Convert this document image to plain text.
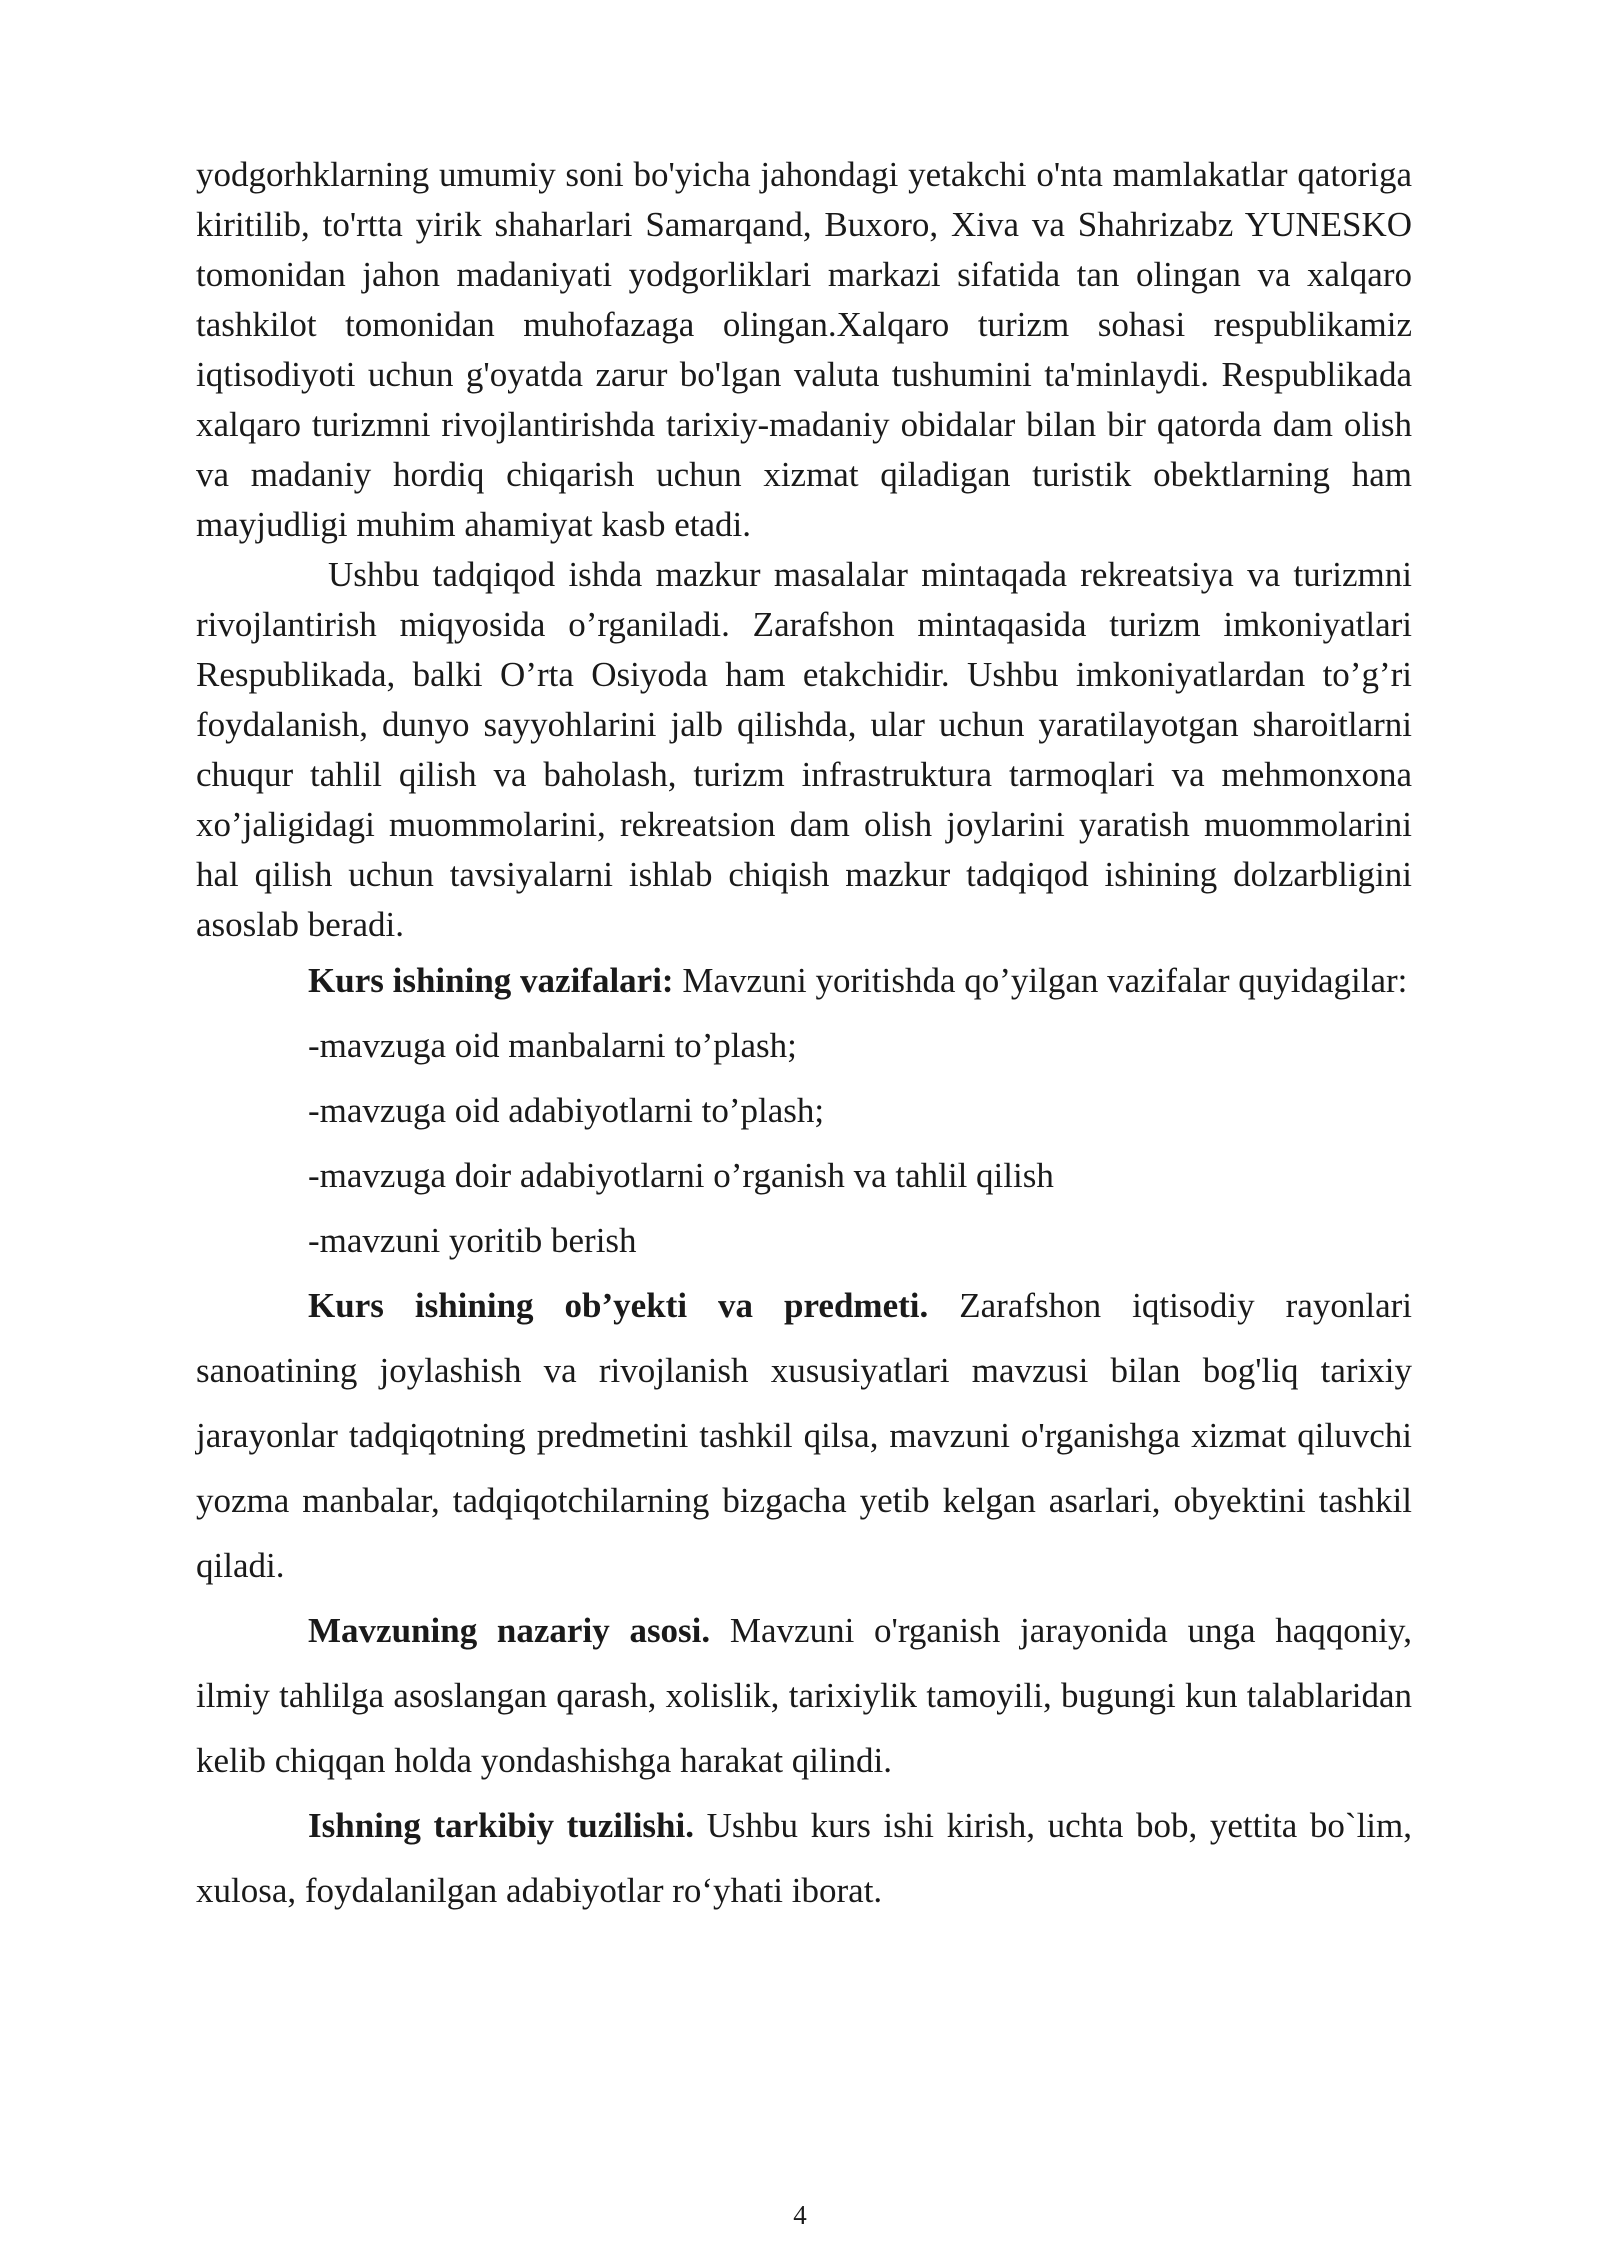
yodgorhklarning umumiy soni bo'yicha jahondagi yetakchi o'nta mamlakatlar qatoriga kiritilib, to'rtta yirik shaharlari Samarqand, Buxoro, Xiva va Shahrizabz YUNESKO tomonidan jahon madaniyati yodgorliklari markazi sifatida tan olingan va xalqaro tashkilot tomonidan muhofazaga olingan.Xalqaro turizm sohasi respublikamiz iqtisodiyoti uchun g'oyatda zarur bo'lgan valuta tushumini ta'minlaydi. Respublikada xalqaro turizmni rivojlantirishda tarixiy-madaniy obidalar bilan bir qatorda dam olish va madaniy hordiq chiqarish uchun xizmat qiladigan turistik obektlarning ham mayjudligi muhim ahamiyat kasb etadi.

Ushbu tadqiqod ishda mazkur masalalar mintaqada rekreatsiya va turizmni rivojlantirish miqyosida o’rganiladi. Zarafshon mintaqasida turizm imkoniyatlari Respublikada, balki O’rta Osiyoda ham etakchidir. Ushbu imkoniyatlardan to’g’ri foydalanish, dunyo sayyohlarini jalb qilishda, ular uchun yaratilayotgan sharoitlarni chuqur tahlil qilish va baholash, turizm infrastruktura tarmoqlari va mehmonxona xo’jaligidagi muommolarini, rekreatsion dam olish joylarini yaratish muommolarini hal qilish uchun tavsiyalarni ishlab chiqish mazkur tadqiqod ishining dolzarbligini asoslab beradi.

Kurs ishining vazifalari: Mavzuni yoritishda qo’yilgan vazifalar quyidagilar:

-mavzuga oid manbalarni to’plash;

-mavzuga oid adabiyotlarni to’plash;

-mavzuga doir adabiyotlarni o’rganish va tahlil qilish

-mavzuni yoritib berish

Kurs ishining ob’yekti va predmeti. Zarafshon iqtisodiy rayonlari sanoatining joylashish va rivojlanish xususiyatlari mavzusi bilan bog'liq tarixiy jarayonlar tadqiqotning predmetini tashkil qilsa, mavzuni o'rganishga xizmat qiluvchi yozma manbalar, tadqiqotchilarning bizgacha yetib kelgan asarlari, obyektini tashkil qiladi.

Mavzuning nazariy asosi. Mavzuni o'rganish jarayonida unga haqqoniy, ilmiy tahlilga asoslangan qarash, xolislik, tarixiylik tamoyili, bugungi kun talablaridan kelib chiqqan holda yondashishga harakat qilindi.

Ishning tarkibiy tuzilishi. Ushbu kurs ishi kirish, uchta bob, yettita bo`lim, xulosa, foydalanilgan adabiyotlar ro‘yhati iborat.

4
